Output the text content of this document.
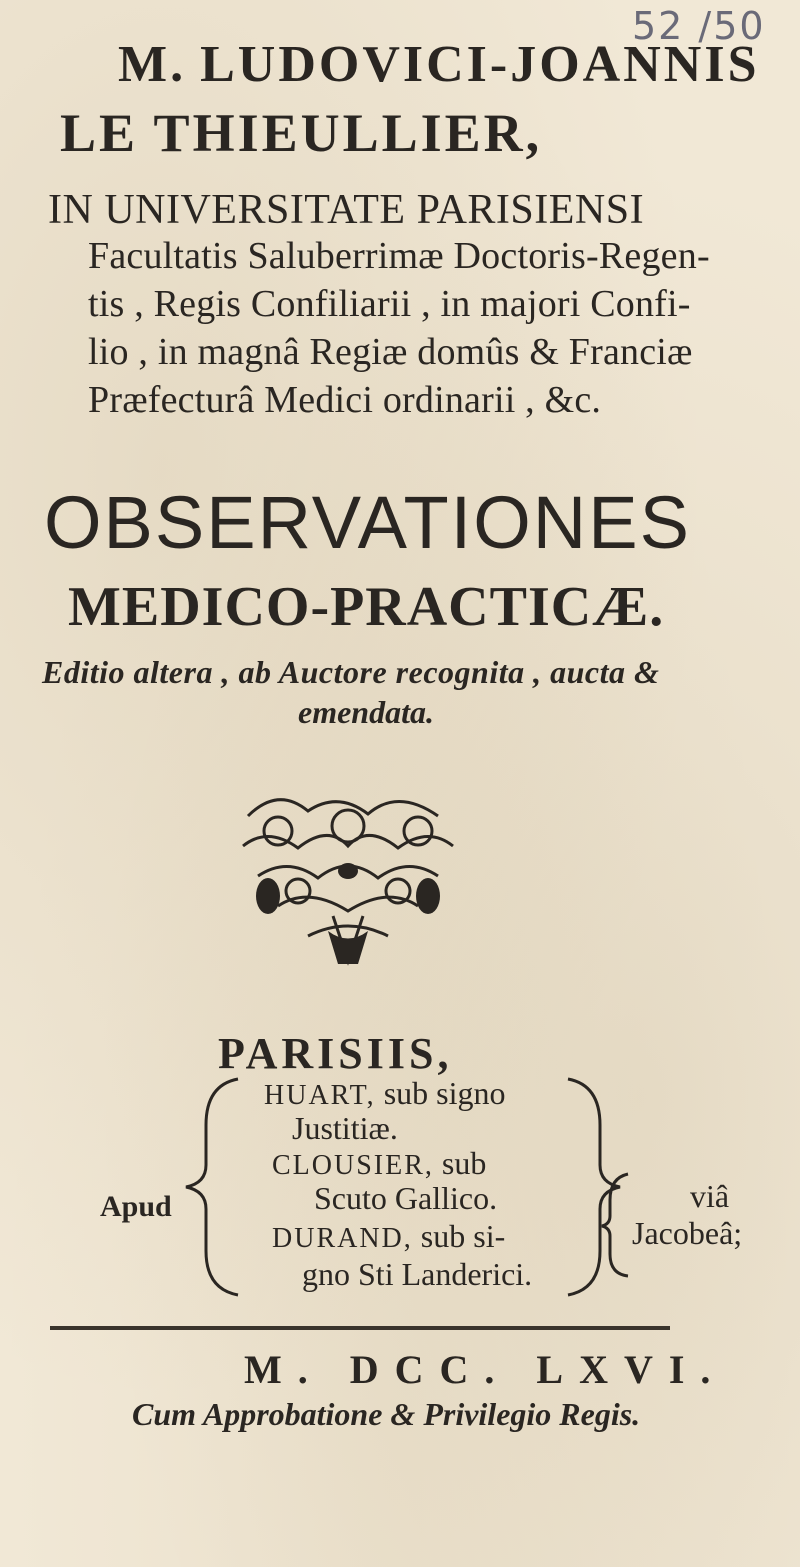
52 /50
M. LUDOVICI-JOANNIS
LE THIEULLIER,
IN UNIVERSITATE PARISIENSI
Facultatis Saluberrimæ Doctoris-Regen-
tis , Regis Confiliarii , in majori Confi-
lio , in magnâ Regiæ domûs & Franciæ
Præfecturâ Medici ordinarii , &c.
OBSERVATIONES
MEDICO-PRACTICÆ.
Editio altera , ab Auctore recognita , aucta &
emendata.
PARISIIS,
HUART, sub signo
Justitiæ.
CLOUSIER, sub
Scuto Gallico.
DURAND, sub si-
gno Sti Landerici.
Apud	viâ
Jacobeâ;
M. DCC. LXVI.
Cum Approbatione & Privilegio Regis.
